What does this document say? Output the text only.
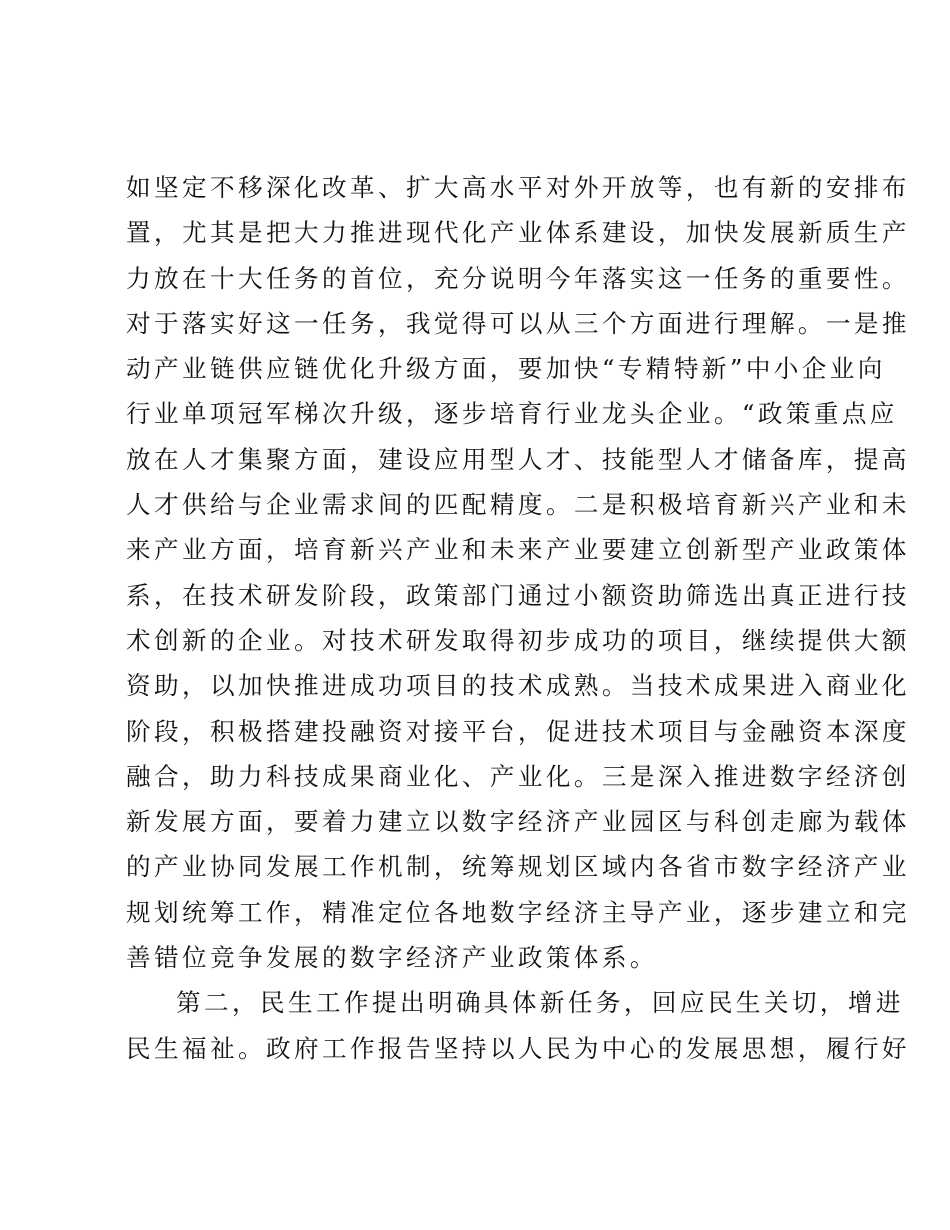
如坚定不移深化改革、扩大高水平对外开放等，也有新的安排布
置，尤其是把大力推进现代化产业体系建设，加快发展新质生产
力放在十大任务的首位，充分说明今年落实这一任务的重要性。
对于落实好这一任务，我觉得可以从三个方面进行理解。一是推
动产业链供应链优化升级方面，要加快“专精特新”中小企业向
行业单项冠军梯次升级，逐步培育行业龙头企业。“政策重点应
放在人才集聚方面，建设应用型人才、技能型人才储备库，提高
人才供给与企业需求间的匹配精度。二是积极培育新兴产业和未
来产业方面，培育新兴产业和未来产业要建立创新型产业政策体
系，在技术研发阶段，政策部门通过小额资助筛选出真正进行技
术创新的企业。对技术研发取得初步成功的项目，继续提供大额
资助，以加快推进成功项目的技术成熟。当技术成果进入商业化
阶段，积极搭建投融资对接平台，促进技术项目与金融资本深度
融合，助力科技成果商业化、产业化。三是深入推进数字经济创
新发展方面，要着力建立以数字经济产业园区与科创走廊为载体
的产业协同发展工作机制，统筹规划区域内各省市数字经济产业
规划统筹工作，精准定位各地数字经济主导产业，逐步建立和完
善错位竞争发展的数字经济产业政策体系。
第二，民生工作提出明确具体新任务，回应民生关切，增进
民生福祉。政府工作报告坚持以人民为中心的发展思想，履行好
